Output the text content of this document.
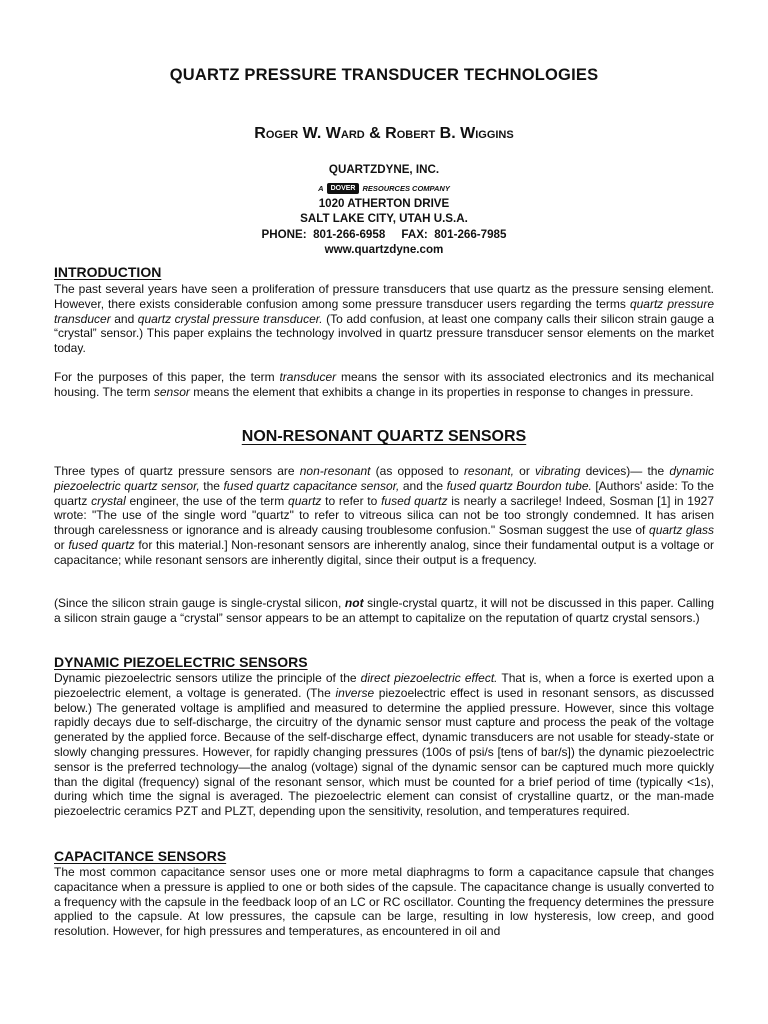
QUARTZ PRESSURE TRANSDUCER TECHNOLOGIES
Roger W. Ward & Robert B. Wiggins
QUARTZDYNE, INC.
A	DOVER RESOURCES COMPANY
1020 ATHERTON DRIVE
SALT LAKE CITY, UTAH U.S.A.
PHONE:  801-266-6958     FAX:  801-266-7985
www.quartzdyne.com
INTRODUCTION

The past several years have seen a proliferation of pressure transducers that use quartz as the pressure sensing element. However, there exists considerable confusion among some pressure transducer users regarding the terms quartz pressure transducer and quartz crystal pressure transducer. (To add confusion, at least one company calls their silicon strain gauge a “crystal” sensor.) This paper explains the technology involved in quartz pressure transducer sensor elements on the market today.

For the purposes of this paper, the term transducer means the sensor with its associated electronics and its mechanical housing. The term sensor means the element that exhibits a change in its properties in response to changes in pressure.

NON-RESONANT QUARTZ SENSORS

Three types of quartz pressure sensors are non-resonant (as opposed to resonant, or vibrating devices)— the dynamic piezoelectric quartz sensor, the fused quartz capacitance sensor, and the fused quartz Bourdon tube. [Authors' aside: To the quartz crystal engineer, the use of the term quartz to refer to fused quartz is nearly a sacrilege! Indeed, Sosman [1] in 1927 wrote: "The use of the single word "quartz" to refer to vitreous silica can not be too strongly condemned. It has arisen through carelessness or ignorance and is already causing troublesome confusion." Sosman suggest the use of quartz glass or fused quartz for this material.] Non-resonant sensors are inherently analog, since their fundamental output is a voltage or capacitance; while resonant sensors are inherently digital, since their output is a frequency.

(Since the silicon strain gauge is single-crystal silicon, not single-crystal quartz, it will not be discussed in this paper. Calling a silicon strain gauge a “crystal” sensor appears to be an attempt to capitalize on the reputation of quartz crystal sensors.)

DYNAMIC PIEZOELECTRIC SENSORS

Dynamic piezoelectric sensors utilize the principle of the direct piezoelectric effect. That is, when a force is exerted upon a piezoelectric element, a voltage is generated. (The inverse piezoelectric effect is used in resonant sensors, as discussed below.) The generated voltage is amplified and measured to determine the applied pressure. However, since this voltage rapidly decays due to self-discharge, the circuitry of the dynamic sensor must capture and process the peak of the voltage generated by the applied force. Because of the self-discharge effect, dynamic transducers are not usable for steady-state or slowly changing pressures. However, for rapidly changing pressures (100s of psi/s [tens of bar/s]) the dynamic piezoelectric sensor is the preferred technology—the analog (voltage) signal of the dynamic sensor can be captured much more quickly than the digital (frequency) signal of the resonant sensor, which must be counted for a brief period of time (typically <1s), during which time the signal is averaged. The piezoelectric element can consist of crystalline quartz, or the man-made piezoelectric ceramics PZT and PLZT, depending upon the sensitivity, resolution, and temperatures required.

CAPACITANCE SENSORS

The most common capacitance sensor uses one or more metal diaphragms to form a capacitance capsule that changes capacitance when a pressure is applied to one or both sides of the capsule. The capacitance change is usually converted to a frequency with the capsule in the feedback loop of an LC or RC oscillator. Counting the frequency determines the pressure applied to the capsule. At low pressures, the capsule can be large, resulting in low hysteresis, low creep, and good resolution. However, for high pressures and temperatures, as encountered in oil and
